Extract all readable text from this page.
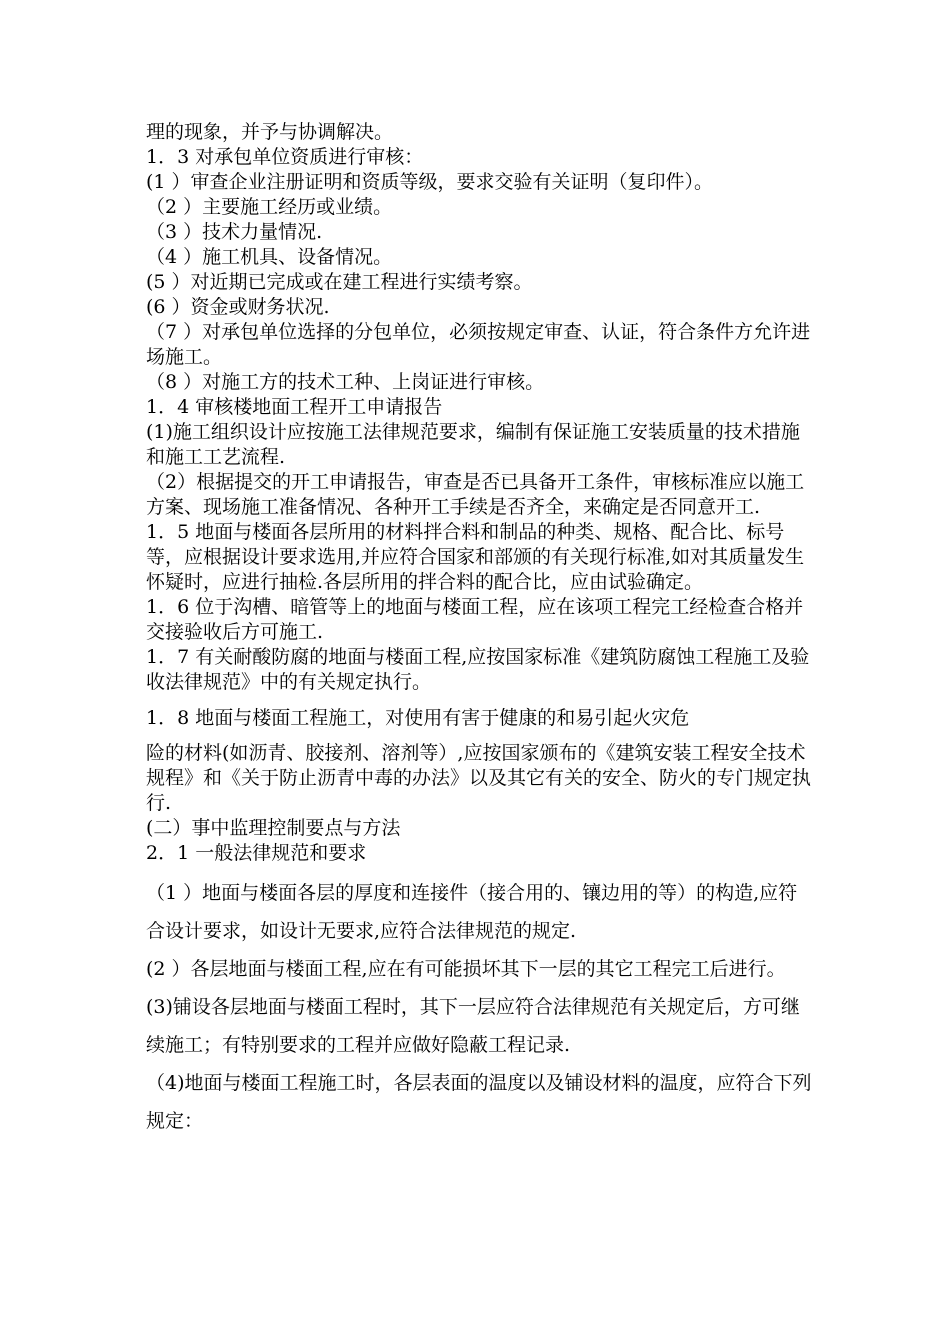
理的现象，并予与协调解决。

1．3 对承包单位资质进行审核：

(1 ）审查企业注册证明和资质等级，要求交验有关证明（复印件）。

（2 ）主要施工经历或业绩。

（3 ）技术力量情况.

（4 ）施工机具、设备情况。

(5 ）对近期已完成或在建工程进行实绩考察。

(6 ）资金或财务状况.

（7 ）对承包单位选择的分包单位，必须按规定审查、认证，符合条件方允许进场施工。

（8 ）对施工方的技术工种、上岗证进行审核。

1．4 审核楼地面工程开工申请报告

(1)施工组织设计应按施工法律规范要求，编制有保证施工安装质量的技术措施和施工工艺流程.

（2）根据提交的开工申请报告，审查是否已具备开工条件，审核标准应以施工方案、现场施工准备情况、各种开工手续是否齐全，来确定是否同意开工.

1．5 地面与楼面各层所用的材料拌合料和制品的种类、规格、配合比、标号等，应根据设计要求选用,并应符合国家和部颁的有关现行标准,如对其质量发生怀疑时，应进行抽检.各层所用的拌合料的配合比，应由试验确定。

1．6 位于沟槽、暗管等上的地面与楼面工程，应在该项工程完工经检查合格并交接验收后方可施工.

1．7 有关耐酸防腐的地面与楼面工程,应按国家标准《建筑防腐蚀工程施工及验收法律规范》中的有关规定执行。

1．8 地面与楼面工程施工，对使用有害于健康的和易引起火灾危

险的材料(如沥青、胶接剂、溶剂等）,应按国家颁布的《建筑安装工程安全技术规程》和《关于防止沥青中毒的办法》以及其它有关的安全、防火的专门规定执行.

(二）事中监理控制要点与方法

2．1 一般法律规范和要求

（1 ）地面与楼面各层的厚度和连接件（接合用的、镶边用的等）的构造,应符合设计要求，如设计无要求,应符合法律规范的规定.

(2 ）各层地面与楼面工程,应在有可能损坏其下一层的其它工程完工后进行。

(3)铺设各层地面与楼面工程时，其下一层应符合法律规范有关规定后，方可继续施工；有特别要求的工程并应做好隐蔽工程记录.

（4)地面与楼面工程施工时，各层表面的温度以及铺设材料的温度，应符合下列规定：
